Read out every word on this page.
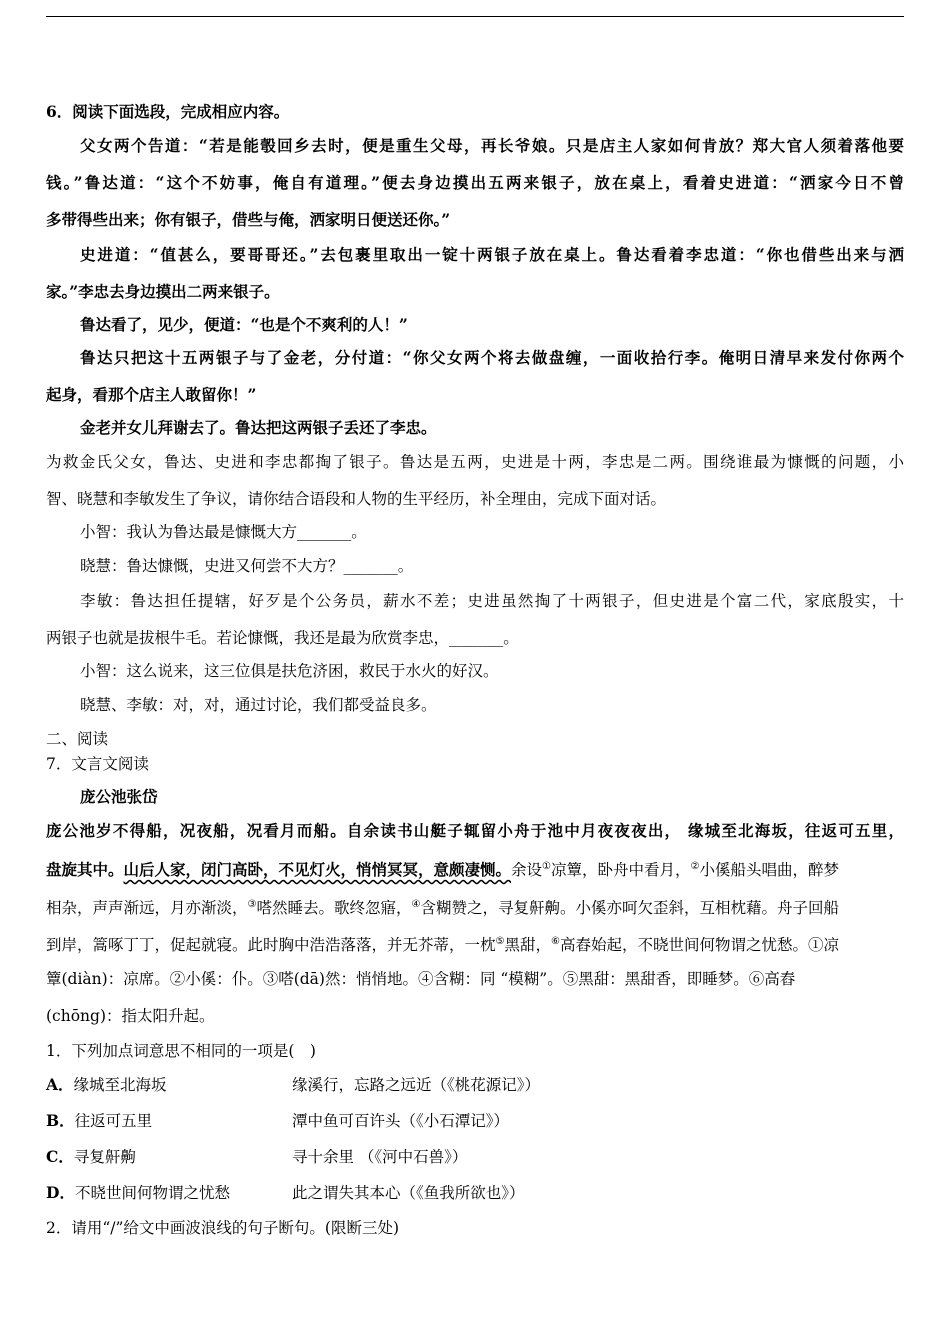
6．阅读下面选段，完成相应内容。
父女两个告道：“若是能彀回乡去时，便是重生父母，再长爷娘。只是店主人家如何肯放？郑大官人须着落他要
钱。”鲁达道：“这个不妨事，俺自有道理。”便去身边摸出五两来银子，放在桌上，看着史进道：“洒家今日不曾
多带得些出来；你有银子，借些与俺，洒家明日便送还你。”
史进道：“值甚么，要哥哥还。”去包裹里取出一锭十两银子放在桌上。鲁达看着李忠道：“你也借些出来与洒
家。”李忠去身边摸出二两来银子。
鲁达看了，见少，便道：“也是个不爽利的人！”
鲁达只把这十五两银子与了金老，分付道：“你父女两个将去做盘缠，一面收拾行李。俺明日清早来发付你两个
起身，看那个店主人敢留你！”
金老并女儿拜谢去了。鲁达把这两银子丢还了李忠。
为救金氏父女，鲁达、史进和李忠都掏了银子。鲁达是五两，史进是十两，李忠是二两。围绕谁最为慷慨的问题，小
智、晓慧和李敏发生了争议，请你结合语段和人物的生平经历，补全理由，完成下面对话。
小智：我认为鲁达最是慷慨大方_______。
晓慧：鲁达慷慨，史进又何尝不大方？_______。
李敏：鲁达担任提辖，好歹是个公务员，薪水不差；史进虽然掏了十两银子，但史进是个富二代，家底殷实，十
两银子也就是拔根牛毛。若论慷慨，我还是最为欣赏李忠，_______。
小智：这么说来，这三位俱是扶危济困，救民于水火的好汉。
晓慧、李敏：对，对，通过讨论，我们都受益良多。
二、阅读
7．文言文阅读
庞公池张岱
庞公池岁不得船，况夜船，况看月而船。自余读书山艇子辄留小舟于池中月夜夜夜出， 缘城至北海坂，往返可五里，
盘旋其中。山后人家，闭门高卧，不见灯火，悄悄冥冥，意颇凄恻。余设①凉簟，卧舟中看月，②小傒船头唱曲，醉梦
相杂，声声渐远，月亦渐淡，③嗒然睡去。歌终忽寤，④含糊赞之，寻复鼾齁。小傒亦呵欠歪斜，互相枕藉。舟子回船
到岸，篙啄丁丁，促起就寝。此时胸中浩浩落落，并无芥蒂，一枕⑤黑甜，⑥高舂始起，不晓世间何物谓之忧愁。①凉
簟(diàn)：凉席。②小傒：仆。③嗒(dā)然：悄悄地。④含糊：同 “模糊”。⑤黑甜：黑甜香，即睡梦。⑥高舂
(chōng)：指太阳升起。
1．下列加点词意思不相同的一项是(　)
A．缘城至北海坂	缘溪行，忘路之远近（《桃花源记》）
B．往返可五里	潭中鱼可百许头（《小石潭记》）
C．寻复鼾齁	寻十余里 （《河中石兽》）
D．不晓世间何物谓之忧愁	此之谓失其本心（《鱼我所欲也》）
2．请用“/”给文中画波浪线的句子断句。(限断三处)
